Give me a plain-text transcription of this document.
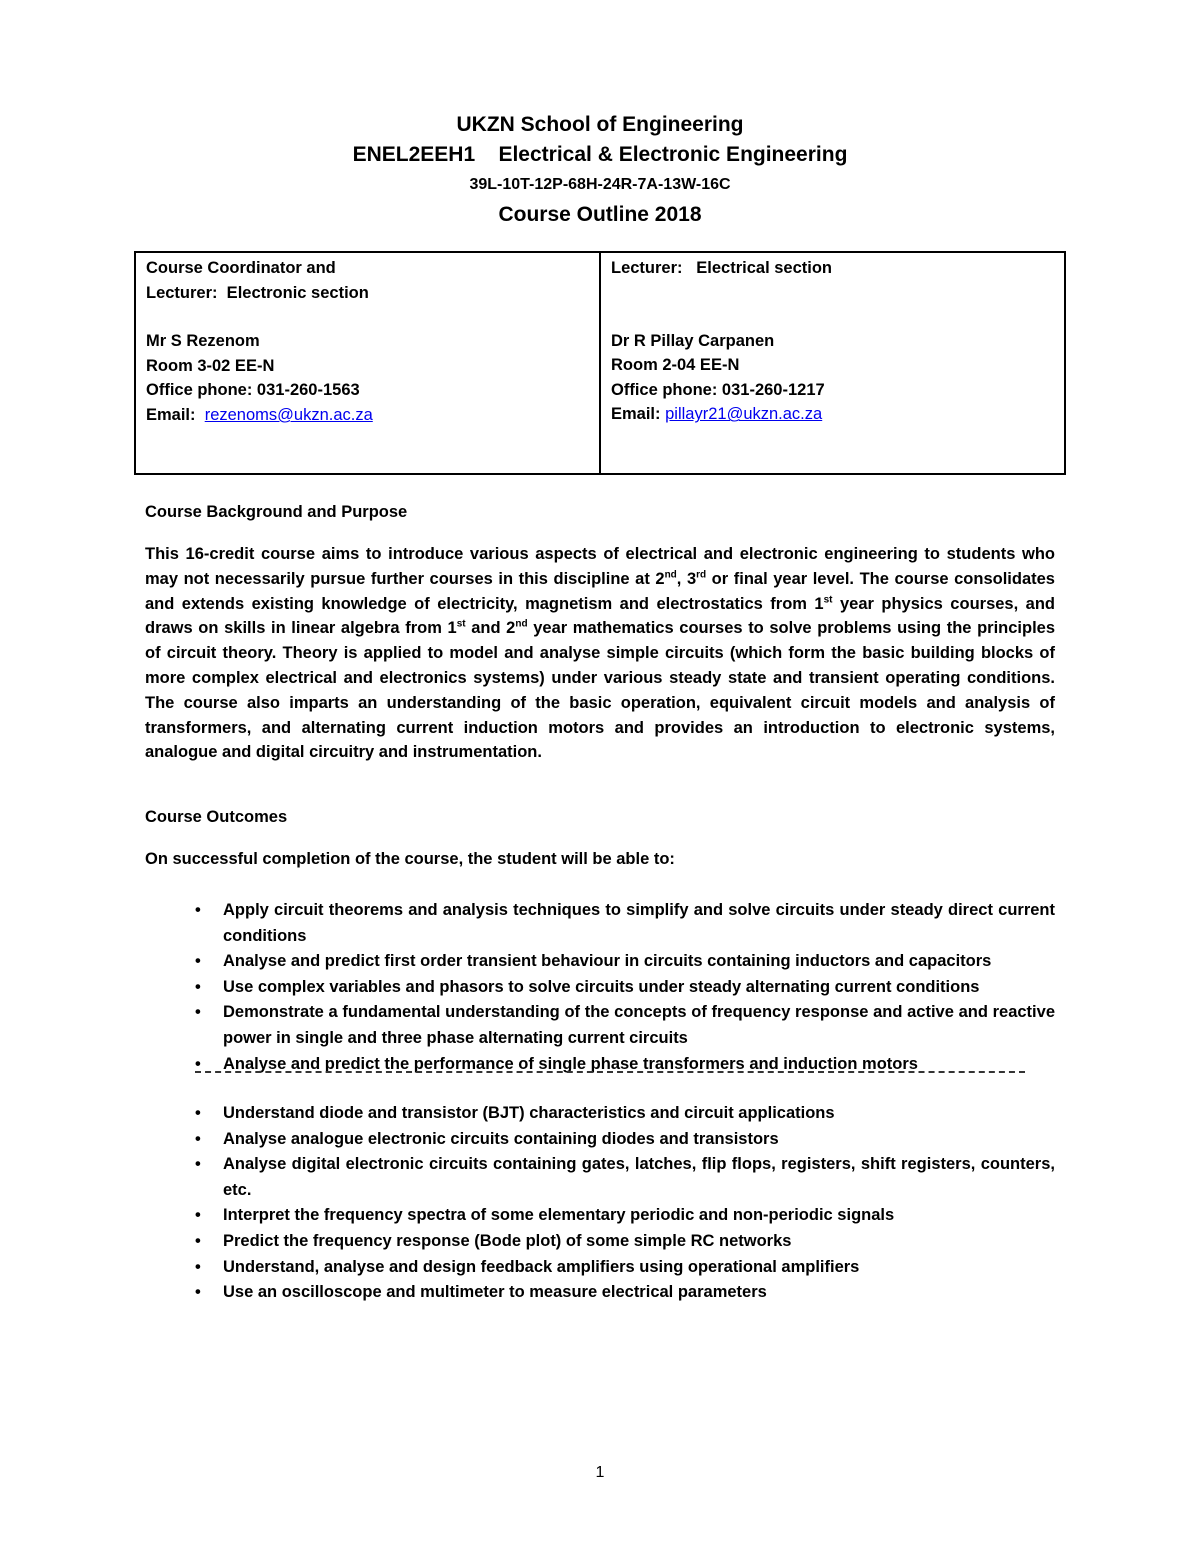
UKZN School of Engineering
ENEL2EEH1    Electrical & Electronic Engineering
39L-10T-12P-68H-24R-7A-13W-16C
Course Outline 2018
Course Coordinator and
Lecturer:  Electronic section
Mr S Rezenom
Room 3-02 EE-N
Office phone: 031-260-1563
Email: rezenoms@ukzn.ac.za

Lecturer:   Electrical section
Dr R Pillay Carpanen
Room 2-04 EE-N
Office phone: 031-260-1217
Email: pillayr21@ukzn.ac.za
Course Background and Purpose
This 16-credit course aims to introduce various aspects of electrical and electronic engineering to students who may not necessarily pursue further courses in this discipline at 2nd, 3rd or final year level. The course consolidates and extends existing knowledge of electricity, magnetism and electrostatics from 1st year physics courses, and draws on skills in linear algebra from 1st and 2nd year mathematics courses to solve problems using the principles of circuit theory. Theory is applied to model and analyse simple circuits (which form the basic building blocks of more complex electrical and electronics systems) under various steady state and transient operating conditions. The course also imparts an understanding of the basic operation, equivalent circuit models and analysis of transformers, and alternating current induction motors and provides an introduction to electronic systems, analogue and digital circuitry and instrumentation.
Course Outcomes
On successful completion of the course, the student will be able to:
• Apply circuit theorems and analysis techniques to simplify and solve circuits under steady direct current conditions
• Analyse and predict first order transient behaviour in circuits containing inductors and capacitors
• Use complex variables and phasors to solve circuits under steady alternating current conditions
• Demonstrate a fundamental understanding of the concepts of frequency response and active and reactive power in single and three phase alternating current circuits
• Analyse and predict the performance of single phase transformers and induction motors
• Understand diode and transistor (BJT) characteristics and circuit applications
• Analyse analogue electronic circuits containing diodes and transistors
• Analyse digital electronic circuits containing gates, latches, flip flops, registers, shift registers, counters, etc.
• Interpret the frequency spectra of some elementary periodic and non-periodic signals
• Predict the frequency response (Bode plot) of some simple RC networks
• Understand, analyse and design feedback amplifiers using operational amplifiers
• Use an oscilloscope and multimeter to measure electrical parameters
1
